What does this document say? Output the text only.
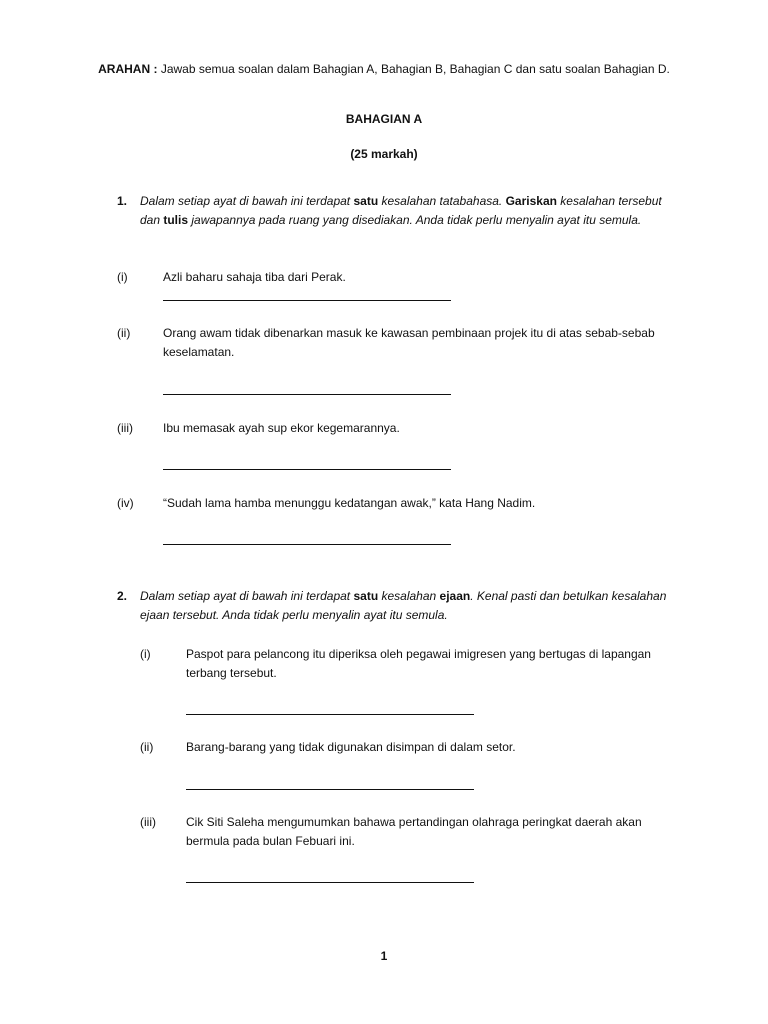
ARAHAN : Jawab semua soalan dalam Bahagian A, Bahagian B, Bahagian C dan satu soalan Bahagian D.
BAHAGIAN A
(25 markah)
1. Dalam setiap ayat di bawah ini terdapat satu kesalahan tatabahasa. Gariskan kesalahan tersebut dan tulis jawapannya pada ruang yang disediakan. Anda tidak perlu menyalin ayat itu semula.
(i)	Azli baharu sahaja tiba dari Perak.
(ii)	Orang awam tidak dibenarkan masuk ke kawasan pembinaan projek itu di atas sebab-sebab keselamatan.
(iii)	Ibu memasak ayah sup ekor kegemarannya.
(iv) “Sudah lama hamba menunggu kedatangan awak,” kata Hang Nadim.
2. Dalam setiap ayat di bawah ini terdapat satu kesalahan ejaan. Kenal pasti dan betulkan kesalahan ejaan tersebut. Anda tidak perlu menyalin ayat itu semula.
(i)	Paspot para pelancong itu diperiksa oleh pegawai imigresen yang bertugas di lapangan terbang tersebut.
(ii)	Barang-barang yang tidak digunakan disimpan di dalam setor.
(iii)	Cik Siti Saleha mengumumkan bahawa pertandingan olahraga peringkat daerah akan bermula pada bulan Febuari ini.
1
